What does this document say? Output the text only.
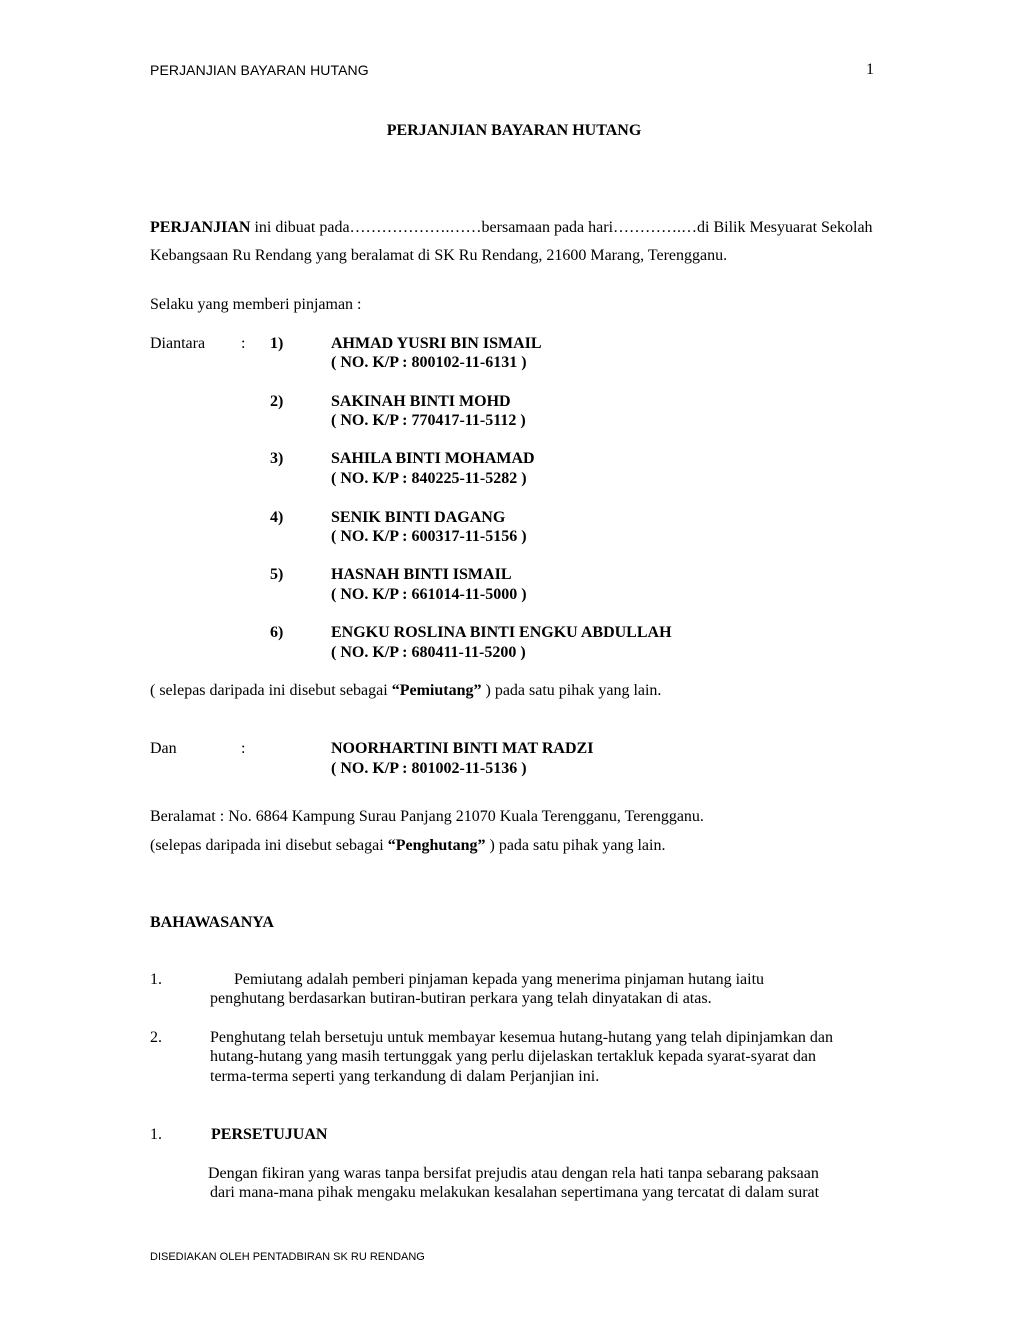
PERJANJIAN BAYARAN HUTANG	1
PERJANJIAN BAYARAN HUTANG
PERJANJIAN ini dibuat pada……………….……bersamaan pada hari………….…di Bilik Mesyuarat Sekolah
Kebangsaan Ru Rendang yang beralamat di SK Ru Rendang, 21600 Marang, Terengganu.
Selaku yang memberi pinjaman :
Diantara : 1)	AHMAD YUSRI BIN ISMAIL
( NO. K/P : 800102-11-6131 )
2)	SAKINAH BINTI MOHD
( NO. K/P : 770417-11-5112 )
3)	SAHILA BINTI MOHAMAD
( NO. K/P : 840225-11-5282 )
4)	SENIK BINTI DAGANG
( NO. K/P : 600317-11-5156 )
5)	HASNAH BINTI ISMAIL
( NO. K/P : 661014-11-5000 )
6)	ENGKU ROSLINA BINTI ENGKU ABDULLAH
( NO. K/P : 680411-11-5200 )
( selepas daripada ini disebut sebagai “Pemiutang” ) pada satu pihak yang lain.
Dan	:	NOORHARTINI BINTI MAT RADZI
( NO. K/P : 801002-11-5136 )
Beralamat : No. 6864 Kampung Surau Panjang 21070 Kuala Terengganu, Terengganu.
(selepas daripada ini disebut sebagai “Penghutang” ) pada satu pihak yang lain.
BAHAWASANYA
1.	Pemiutang adalah pemberi pinjaman kepada yang menerima pinjaman hutang iaitu
penghutang berdasarkan butiran-butiran perkara yang telah dinyatakan di atas.
2.	Penghutang telah bersetuju untuk membayar kesemua hutang-hutang yang telah dipinjamkan dan
hutang-hutang yang masih tertunggak yang perlu dijelaskan tertakluk kepada syarat-syarat dan
terma-terma seperti yang terkandung di dalam Perjanjian ini.
1.	PERSETUJUAN
Dengan fikiran yang waras tanpa bersifat prejudis atau dengan rela hati tanpa sebarang paksaan
dari mana-mana pihak mengaku melakukan kesalahan sepertimana yang tercatat di dalam surat
DISEDIAKAN OLEH PENTADBIRAN SK RU RENDANG
